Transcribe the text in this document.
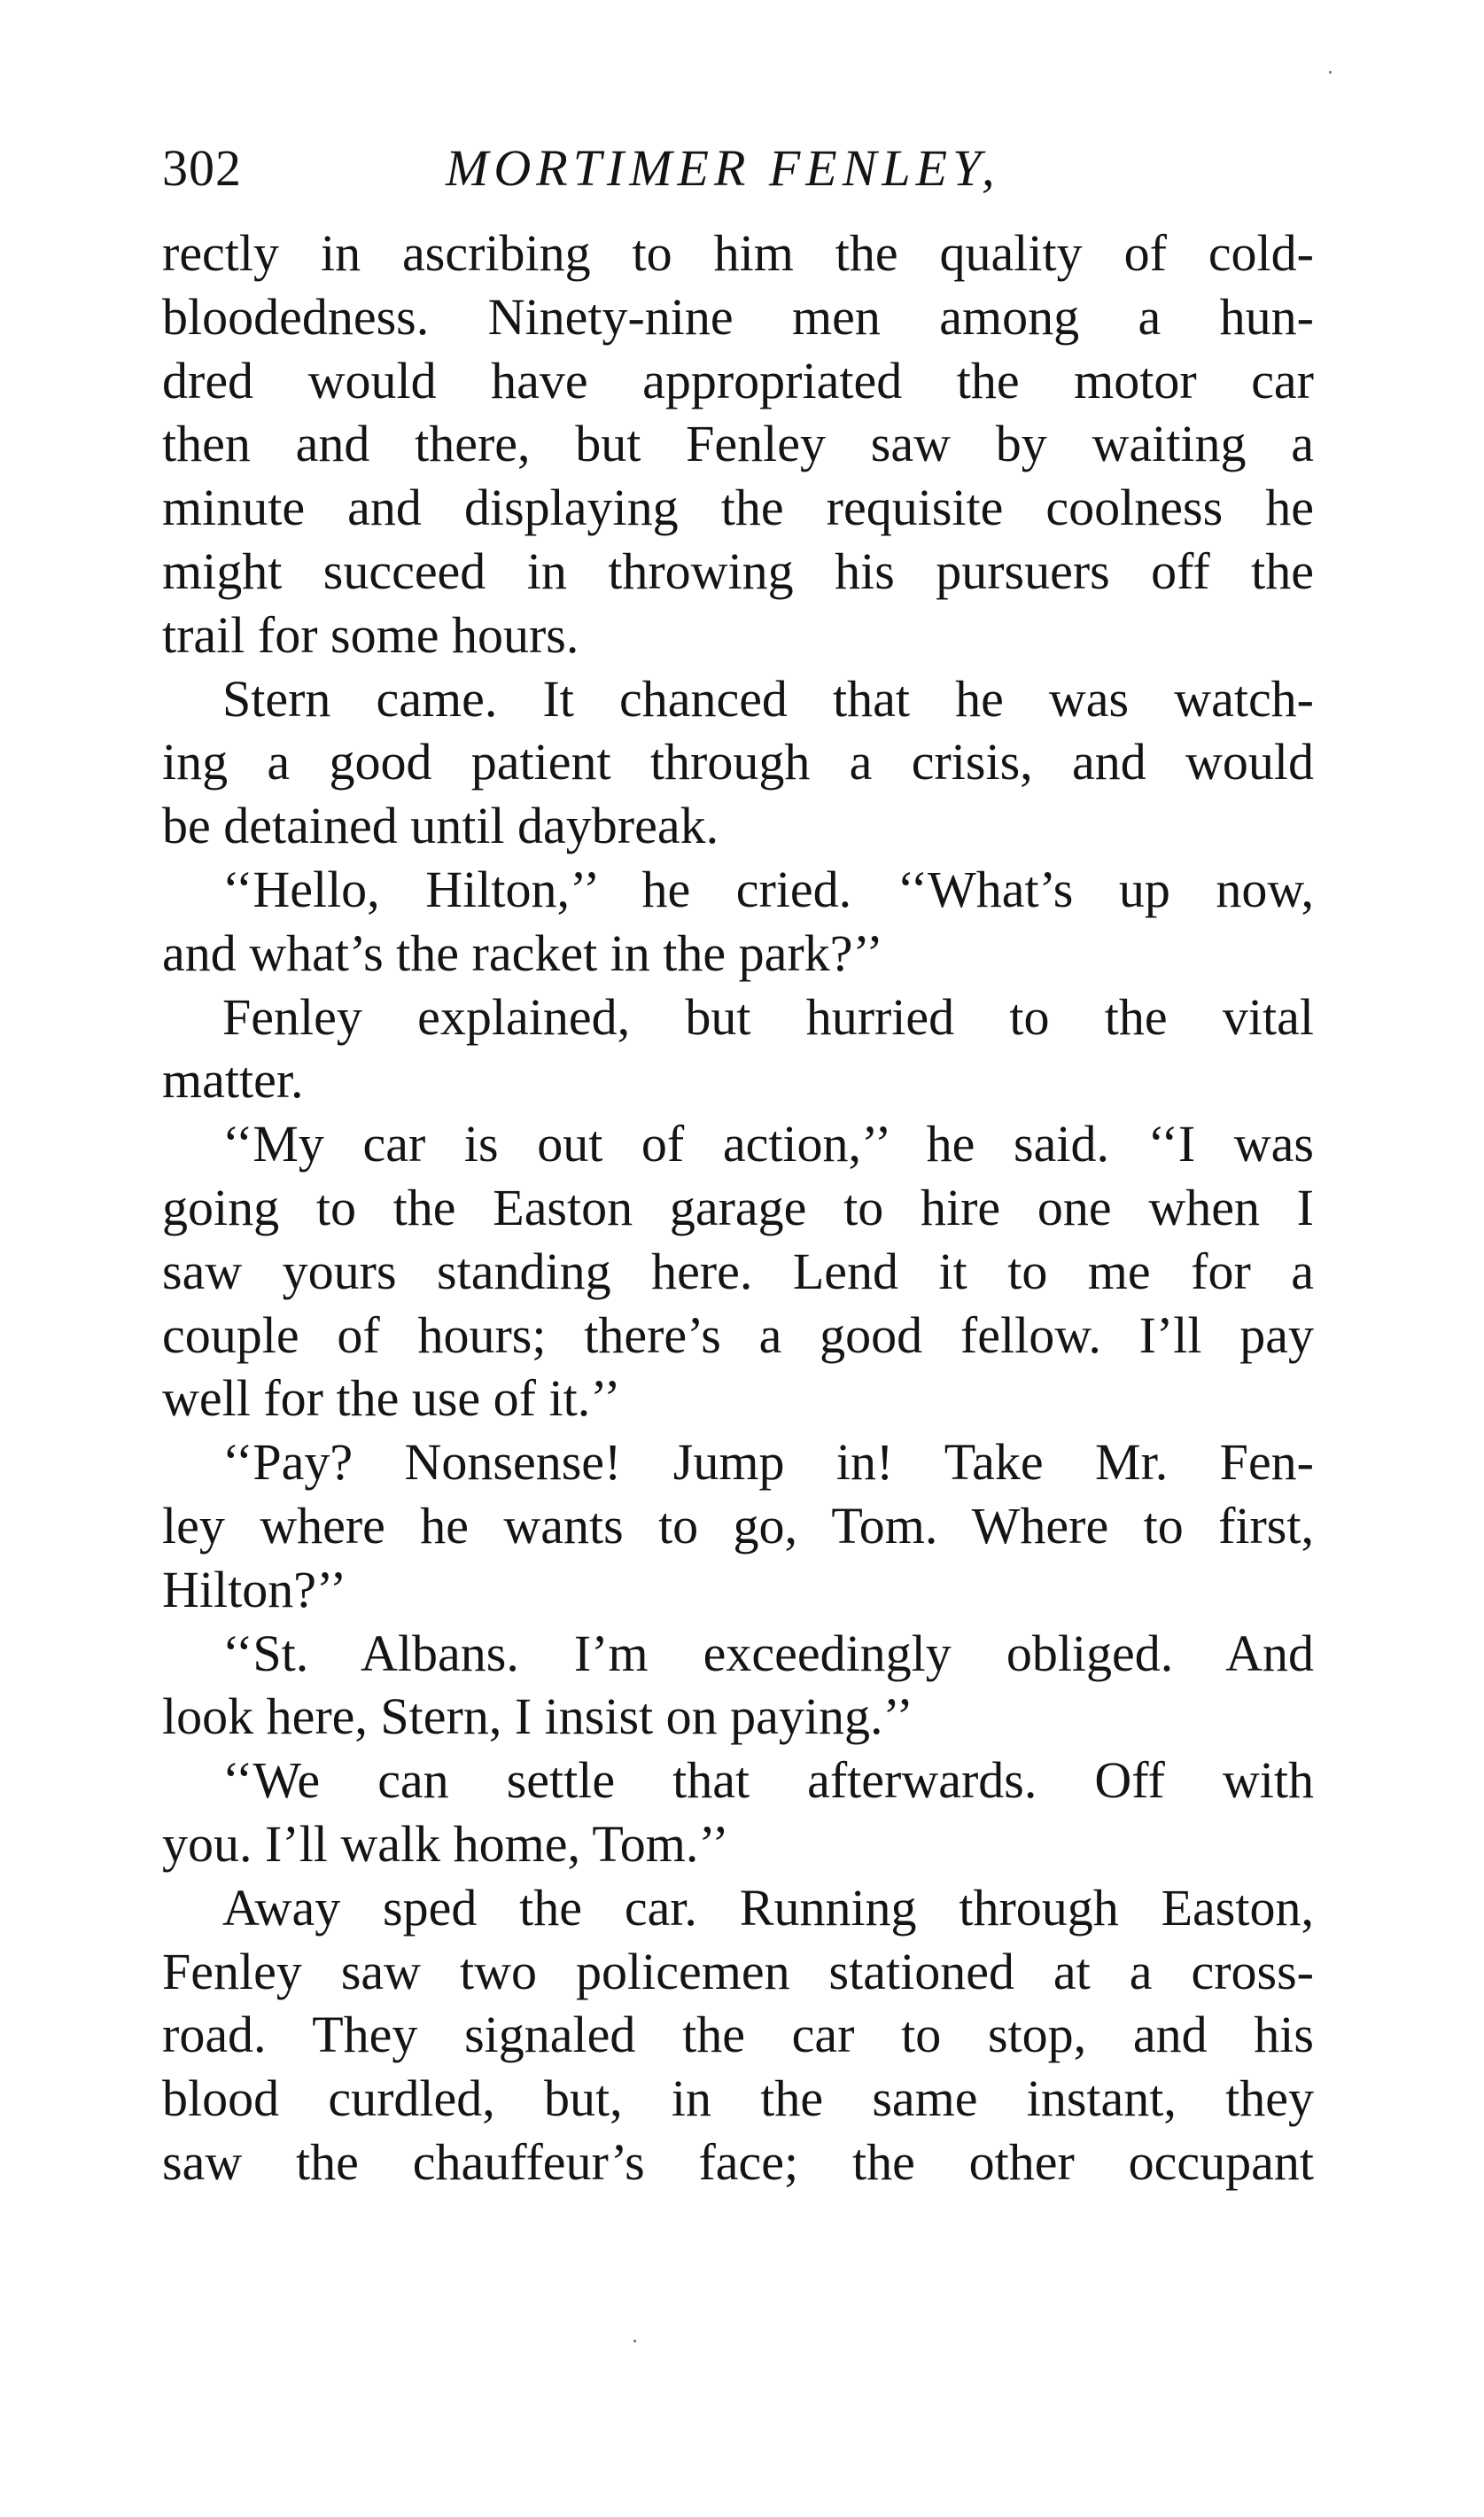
302	MORTIMER FENLEY,
rectly in ascribing to him the quality of cold-
bloodedness. Ninety-nine men among a hun-
dred would have appropriated the motor car
then and there, but Fenley saw by waiting a
minute and displaying the requisite coolness he
might succeed in throwing his pursuers off the
trail for some hours.
Stern came. It chanced that he was watch-
ing a good patient through a crisis, and would
be detained until daybreak.
‘‘Hello, Hilton,’’ he cried. ‘‘What’s up now,
and what’s the racket in the park?’’
Fenley explained, but hurried to the vital
matter.
‘‘My car is out of action,’’ he said. ‘‘I was
going to the Easton garage to hire one when I
saw yours standing here. Lend it to me for a
couple of hours; there’s a good fellow. I’ll pay
well for the use of it.’’
‘‘Pay? Nonsense! Jump in! Take Mr. Fen-
ley where he wants to go, Tom. Where to first,
Hilton?’’
‘‘St. Albans. I’m exceedingly obliged. And
look here, Stern, I insist on paying.’’
‘‘We can settle that afterwards. Off with
you. I’ll walk home, Tom.’’
Away sped the car. Running through Easton,
Fenley saw two policemen stationed at a cross-
road. They signaled the car to stop, and his
blood curdled, but, in the same instant, they
saw the chauffeur’s face; the other occupant
